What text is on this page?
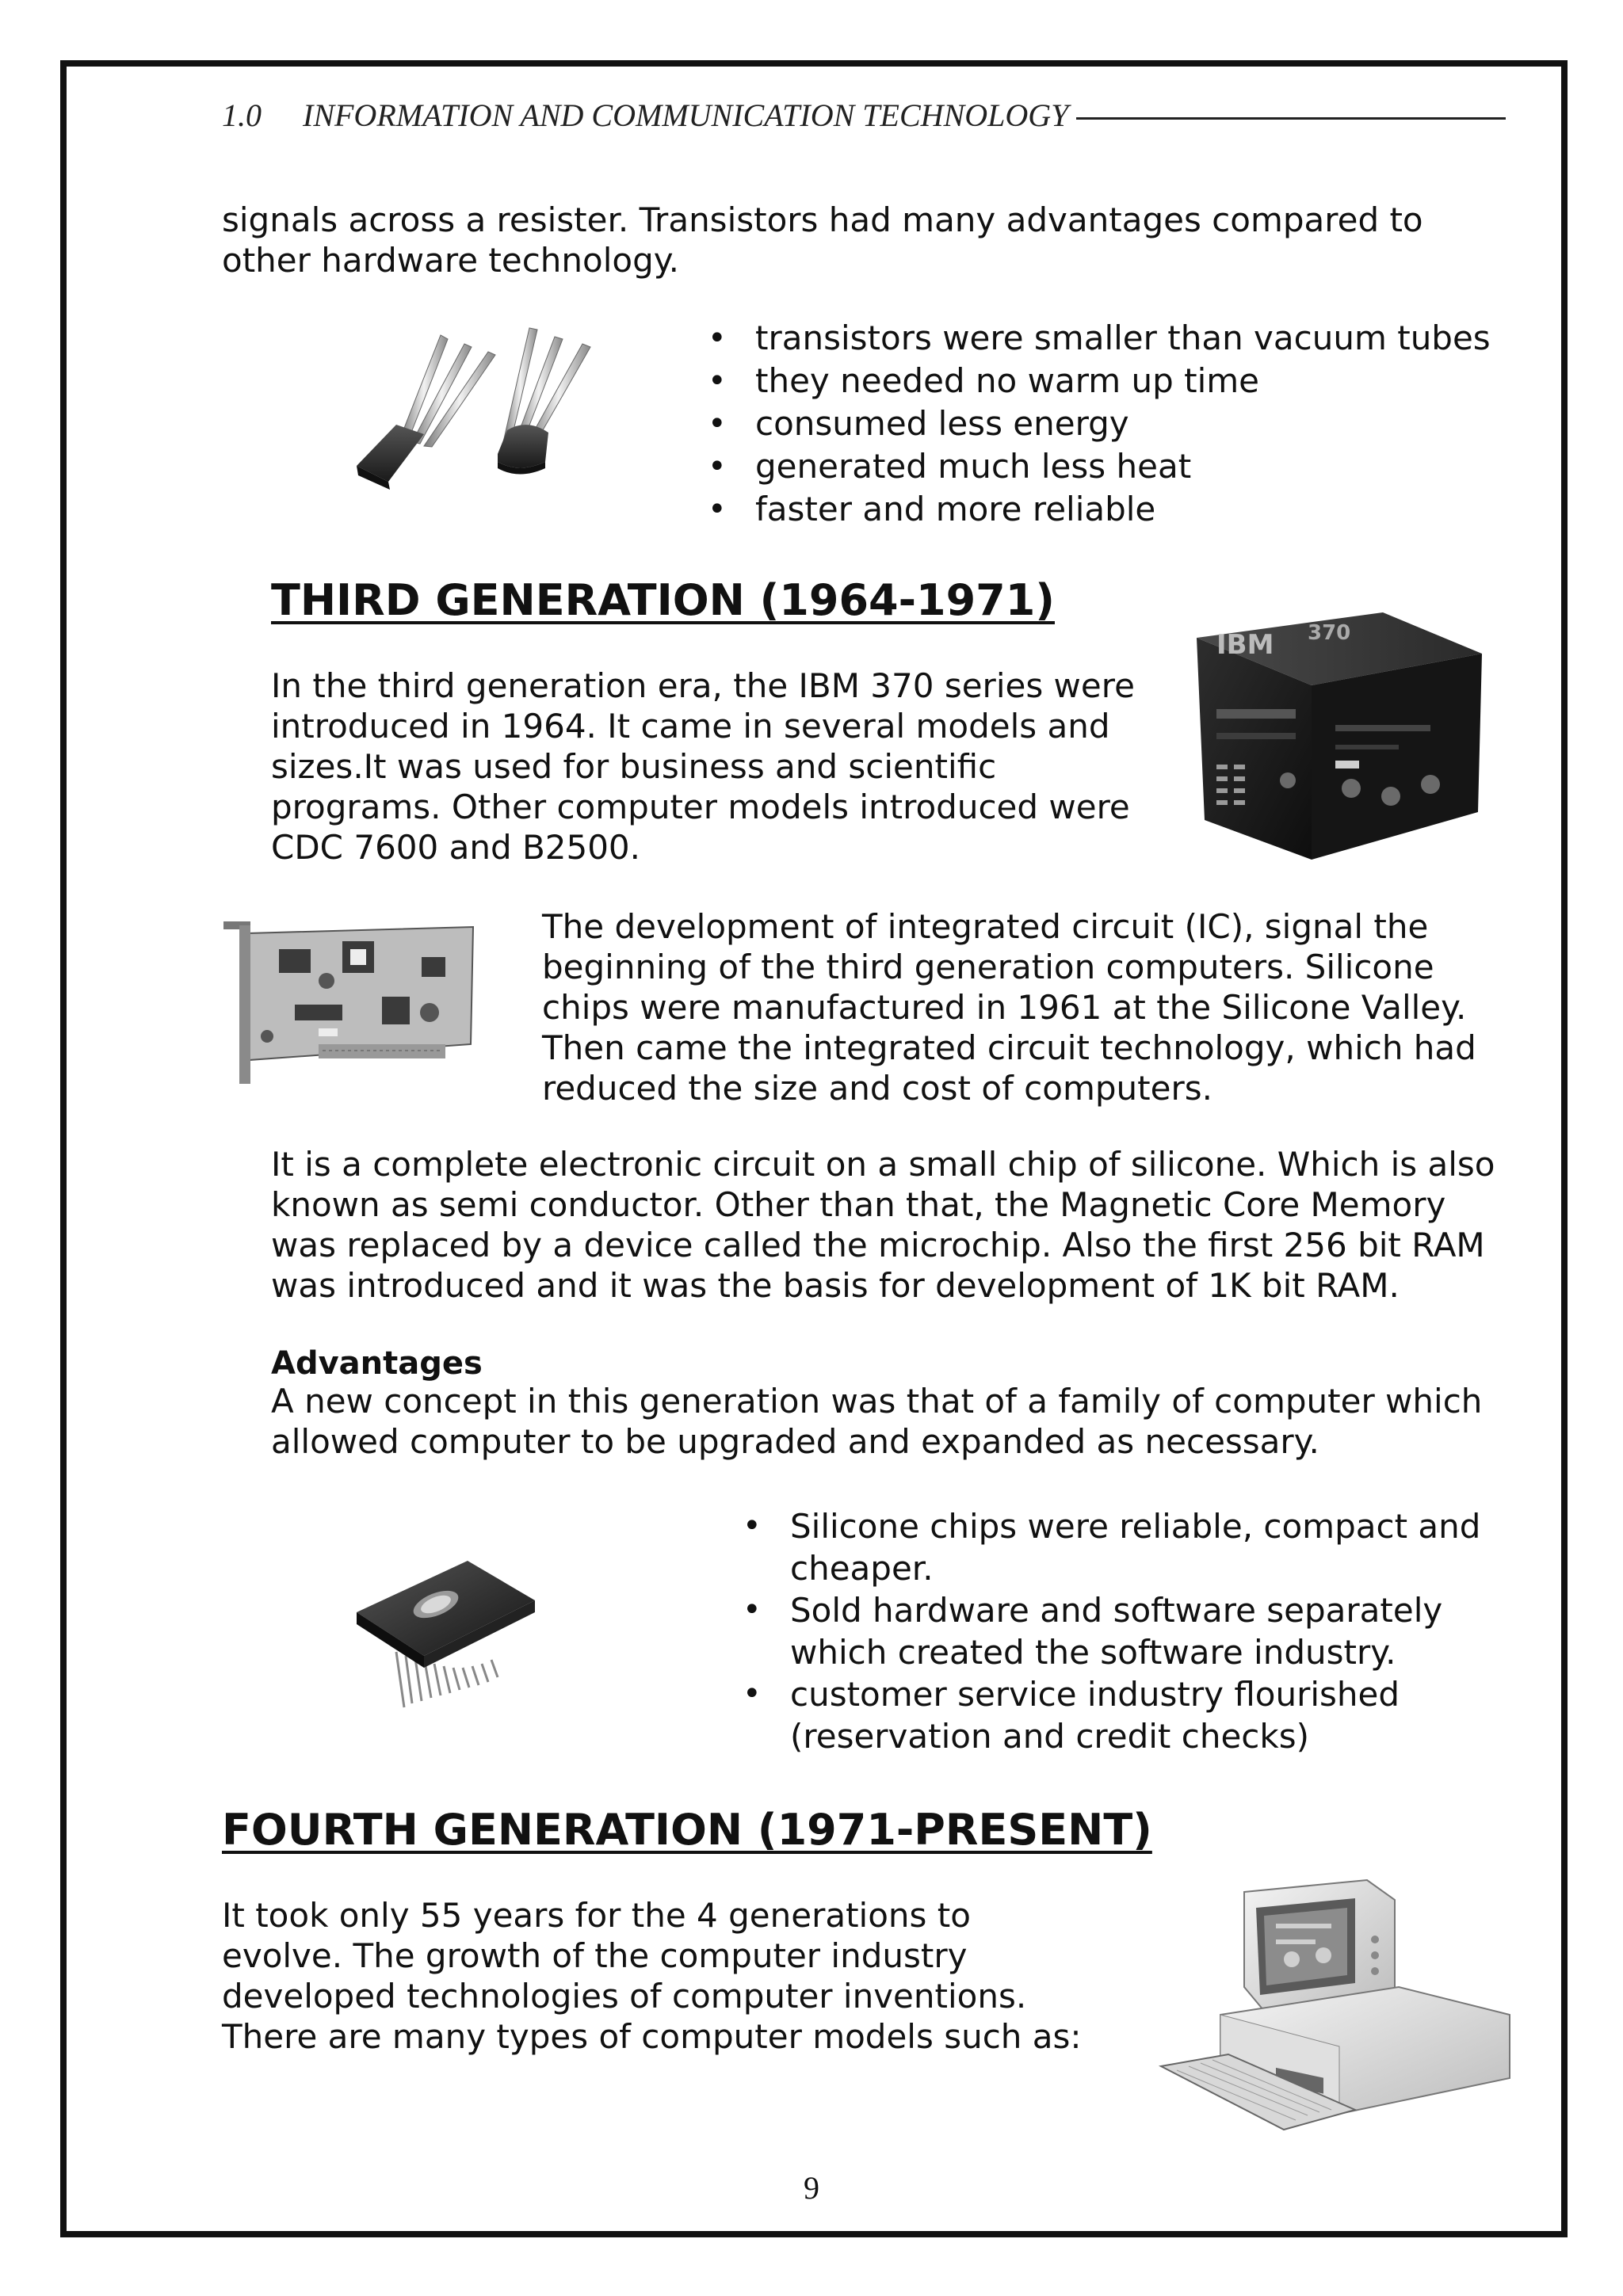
1.0	INFORMATION AND COMMUNICATION TECHNOLOGY

signals across a resister. Transistors had many advantages compared to other hardware technology.

• transistors were smaller than vacuum tubes
• they needed no warm up time
• consumed less energy
• generated much less heat
• faster and more reliable
THIRD GENERATION (1964-1971)

In the third generation era, the IBM 370 series were introduced in 1964. It came in several models and sizes.It was used for business and scientific programs. Other computer models introduced were CDC 7600 and B2500.

IBM 370

The development of integrated circuit (IC), signal the beginning of the third generation computers. Silicone chips were manufactured in 1961 at the Silicone Valley. Then came the integrated circuit technology, which had reduced the size and cost of computers.

It is a complete electronic circuit on a small chip of silicone. Which is also known as semi conductor. Other than that, the Magnetic Core Memory was replaced by a device called the microchip. Also the first 256 bit RAM was introduced and it was the basis for development of 1K bit RAM.

Advantages

A new concept in this generation was that of a family of computer which allowed computer to be upgraded and expanded as necessary.

• Silicone chips were reliable, compact and cheaper.
• Sold hardware and software separately which created the software industry.
• customer service industry flourished (reservation and credit checks)
FOURTH GENERATION (1971-PRESENT)

It took only 55 years for the 4 generations to evolve. The growth of the computer industry developed technologies of computer inventions. There are many types of computer models such as:

9
